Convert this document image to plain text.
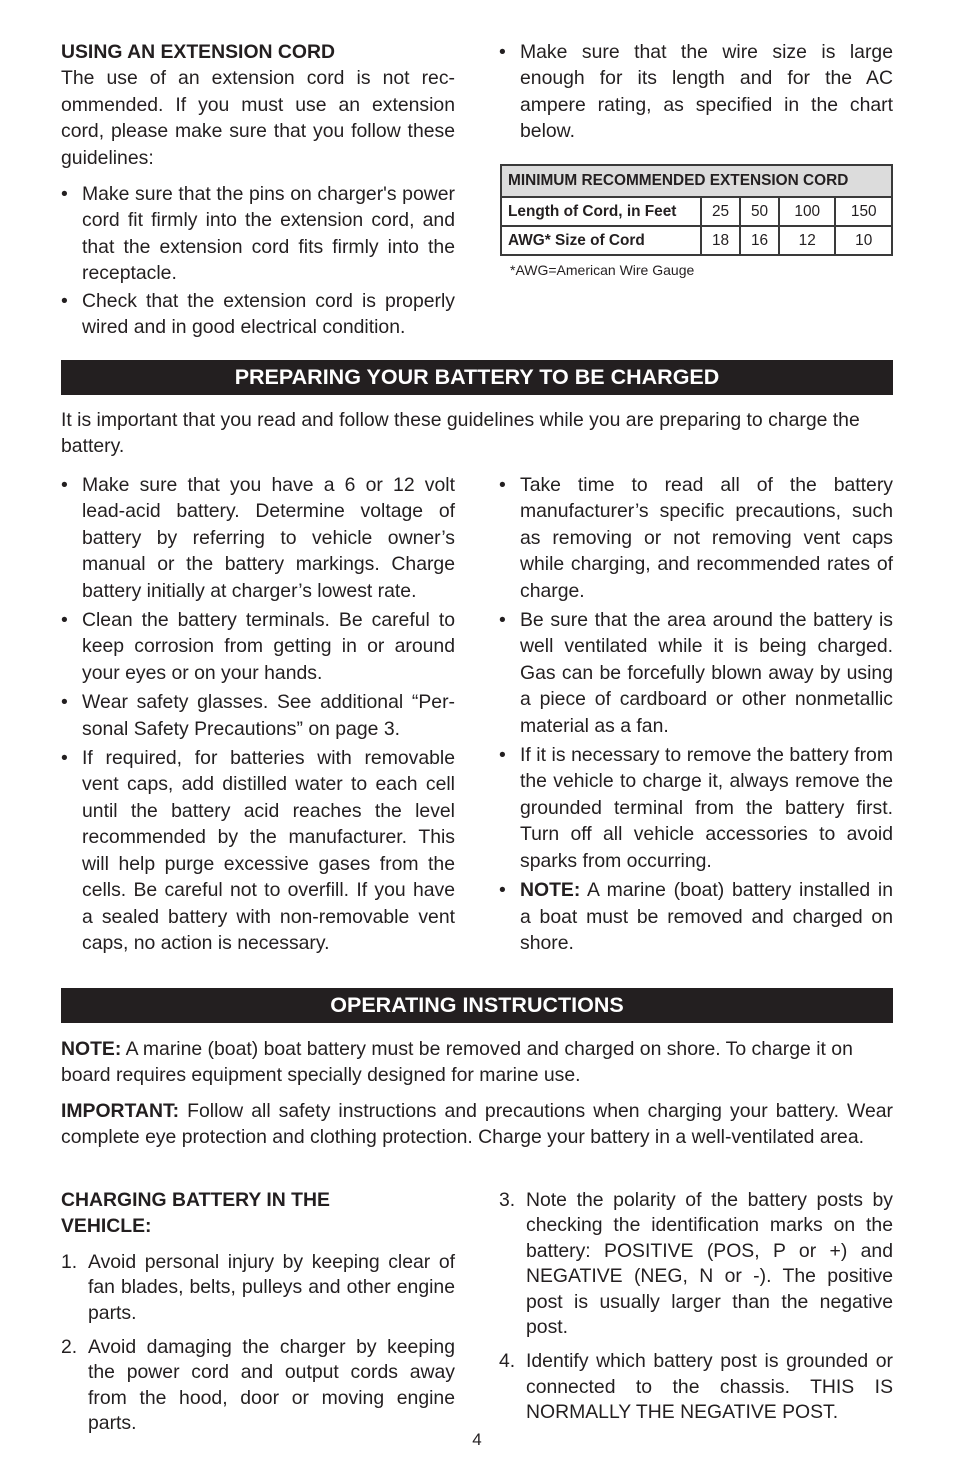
USING AN EXTENSION CORD

The use of an extension cord is not recommended. If you must use an extension cord, please make sure that you follow these guidelines:

• Make sure that the pins on charger's power cord fit firmly into the extension cord, and that the extension cord fits firmly into the receptacle.
• Check that the extension cord is properly wired and in good electrical condition.
• Make sure that the wire size is large enough for its length and for the AC ampere rating, as specified in the chart below.
MINIMUM RECOMMENDED EXTENSION CORD				
Length of Cord, in Feet	25	50	100	150
AWG* Size of Cord	18	16	12	10

*AWG=American Wire Gauge

PREPARING YOUR BATTERY TO BE CHARGED

It is important that you read and follow these guidelines while you are preparing to charge the battery.

• Make sure that you have a 6 or 12 volt lead-acid battery. Determine voltage of battery by referring to vehicle owner’s manual or the battery markings. Charge battery initially at charger’s lowest rate.
• Clean the battery terminals. Be careful to keep corrosion from getting in or around your eyes or on your hands.
• Wear safety glasses. See additional “Personal Safety Precautions” on page 3.
• If required, for batteries with removable vent caps, add distilled water to each cell until the battery acid reaches the level recommended by the manufacturer. This will help purge excessive gases from the cells. Be careful not to overfill. If you have a sealed battery with non-removable vent caps, no action is necessary.
• Take time to read all of the battery manufacturer’s specific precautions, such as removing or not removing vent caps while charging, and recommended rates of charge.
• Be sure that the area around the battery is well ventilated while it is being charged. Gas can be forcefully blown away by using a piece of cardboard or other nonmetallic material as a fan.
• If it is necessary to remove the battery from the vehicle to charge it, always remove the grounded terminal from the battery first. Turn off all vehicle accessories to avoid sparks from occurring.
• NOTE: A marine (boat) battery installed in a boat must be removed and charged on shore.
OPERATING INSTRUCTIONS

NOTE: A marine (boat) boat battery must be removed and charged on shore. To charge it on board requires equipment specially designed for marine use.

IMPORTANT: Follow all safety instructions and precautions when charging your battery. Wear complete eye protection and clothing protection. Charge your battery in a well-ventilated area.

CHARGING BATTERY IN THE VEHICLE:

1. Avoid personal injury by keeping clear of fan blades, belts, pulleys and other engine parts.
2. Avoid damaging the charger by keeping the power cord and output cords away from the hood, door or moving engine parts.
3. Note the polarity of the battery posts by checking the identification marks on the battery: POSITIVE (POS, P or +) and NEGATIVE (NEG, N or -). The positive post is usually larger than the negative post.
4. Identify which battery post is grounded or connected to the chassis. THIS IS NORMALLY THE NEGATIVE POST.
4
